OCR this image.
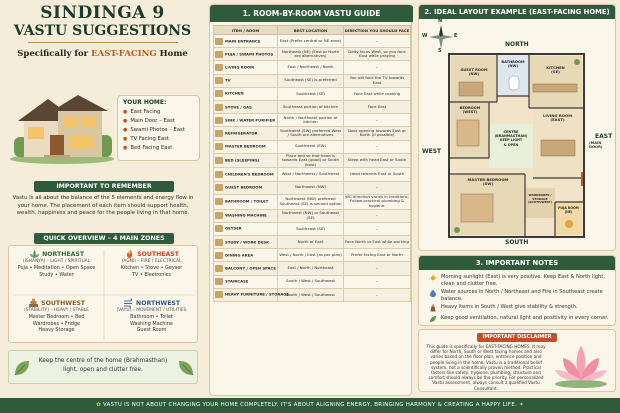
SINDINGA 9
VASTU SUGGESTIONS
Specifically for EAST-FACING Home
YOUR HOME:
● East Facing
● Main Door – East
● Swami Photos – East
● TV Facing East
● Bed Facing East
IMPORTANT TO REMEMBER
Vastu is all about the balance of the 5 elements and energy flow in your home. The placement of each item should support health, wealth, happiness and peace for the people living in that home.
QUICK OVERVIEW – 4 MAIN ZONES
NORTHEAST
(ISHANYA) – LIGHT / SPIRITUAL
Puja • Meditation • Open Space
Study • Water
SOUTHEAST
(AGNI) – FIRE / ELECTRICAL
Kitchen • Stove • Geyser
TV • Electronics
SOUTHWEST
(STABILITY) – HEAVY / STABLE
Master Bedroom • Bed
Wardrobes • Fridge
Heavy Storage
NORTHWEST
(VAYU) – MOVEMENT / UTILITIES
Bathroom • Toilet
Washing Machine
Guest Room
Keep the centre of the home (Brahmasthan) light, open and clutter free.
1. ROOM-BY-ROOM VASTU GUIDE
ITEM / ROOM	BEST LOCATION	DIRECTION YOU SHOULD FACE
MAIN ENTRANCE	East (Prefer central or NE zone)	–
PUJA / SWAMI PHOTOS	Northeast (NE) (East or North are alternatives)	Deity faces West, so you face East while praying
LIVING ROOM	East / Northeast / North	–
TV	Southeast (SE) is preferred	You will face the TV towards East
KITCHEN	Southeast (SE)	Face East while cooking
STOVE / GAS	Southeast portion of kitchen	Face East
SINK / WATER PURIFIER	North / Northeast portion of kitchen	–
REFRIGERATOR	Southwest (SW) preferred West / South are alternatives	Door opening towards East or North (if possible)
MASTER BEDROOM	Southwest (SW)	–
BED (SLEEPING)	Place bed so that head is towards East (good) or South (best)	Sleep with head East or South
CHILDREN'S BEDROOM	West / Northwest / Southwest	Head towards East or South
GUEST BEDROOM	Northwest (NW)	–
BATHROOM / TOILET	Northwest (NW) preferred Southeast (SE) is second option	WC direction varies in traditions; Follow practical plumbing & hygiene.
WASHING MACHINE	Northwest (NW) or Southeast (SE)	–
GEYSER	Southeast (SE)	–
STUDY / WORK DESK	North or East	Face North or East while working
DINING AREA	West / North / East (as per plan)	Prefer facing East or North
BALCONY / OPEN SPACE	East / North / Northeast	–
STAIRCASE	South / West / Southwest	–
HEAVY FURNITURE / STORAGE	South / West / Southwest	–
2. IDEAL LAYOUT EXAMPLE (EAST-FACING HOME)
N
S
W	E
NORTH
SOUTH
WEST
EAST
(MAIN DOOR)
GUEST ROOM
(NW)
BATHROOM
(NW)	KITCHEN
(SE)
BEDROOM
(WEST)
CENTRE
(BRAHMASTHAN)
KEEP LIGHT
& OPEN
LIVING ROOM
(EAST)
MASTER BEDROOM
(SW)
WARDROBES / STORAGE
(SOUTH/WEST)
PUJA ROOM
(NE)
3. IMPORTANT NOTES
Morning sunlight (East) is very positive. Keep East & North light, clean and clutter free.
Water sources in North / Northeast and Fire in Southeast create balance.
Heavy items in South / West give stability & strength.
Keep good ventilation, natural light and positivity in every corner.
IMPORTANT DISCLAIMER
This guide is specifically for EAST-FACING HOMES. It may differ for North, South or West facing homes and also varies based on the floor plan, entrance position and people living in the home. Vastu is a traditional belief system, not a scientifically proven method. Practical factors like safety, hygiene, plumbing, structure and comfort should always be the priority. For personalized Vastu assessment, always consult a qualified Vastu Consultant.
✿ VASTU IS NOT ABOUT CHANGING YOUR HOME COMPLETELY. IT'S ABOUT ALIGNING ENERGY, BRINGING HARMONY & CREATING A HAPPY LIFE. ✦
